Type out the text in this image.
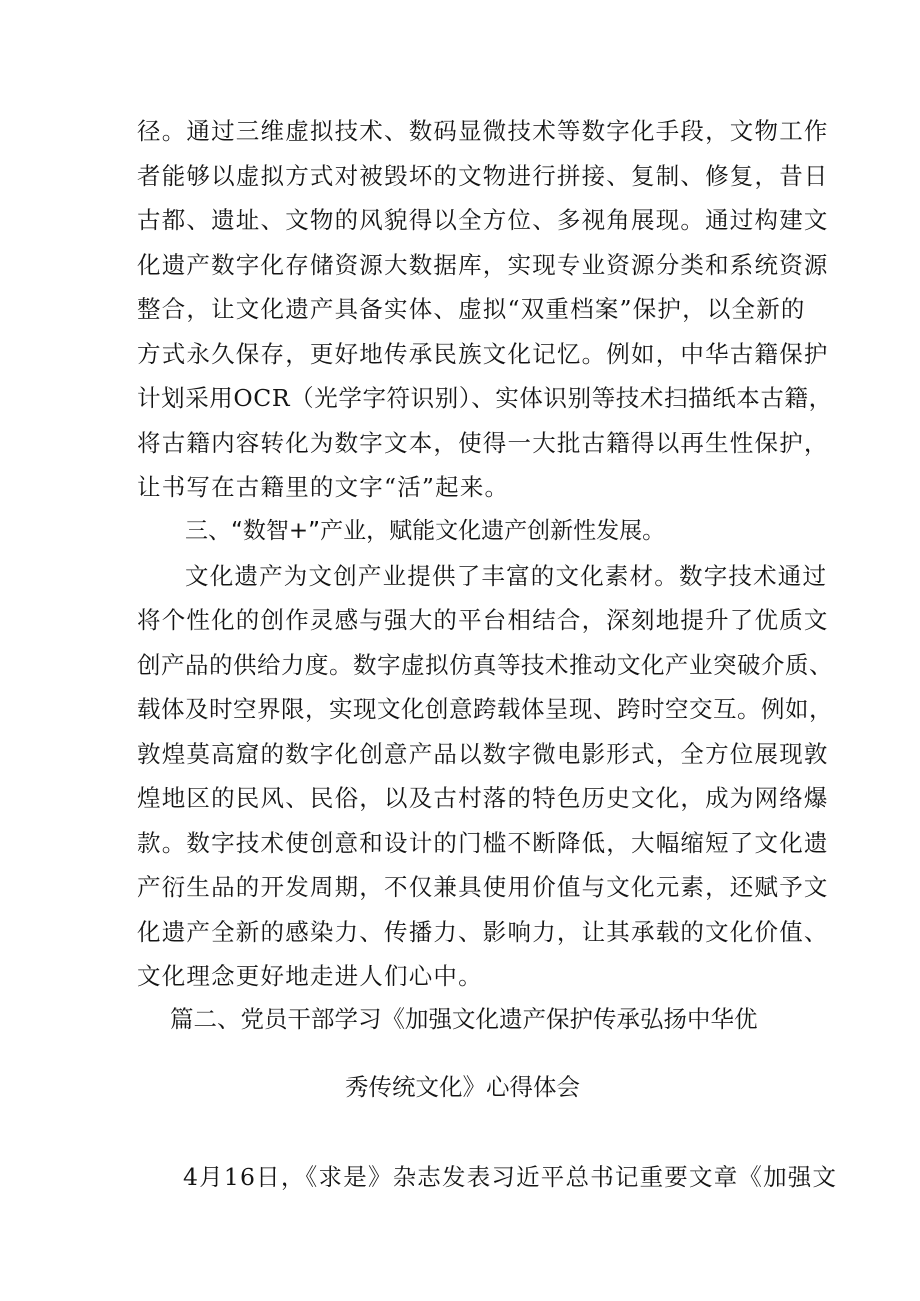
径。通过三维虚拟技术、数码显微技术等数字化手段，文物工作
者能够以虚拟方式对被毁坏的文物进行拼接、复制、修复，昔日
古都、遗址、文物的风貌得以全方位、多视角展现。通过构建文
化遗产数字化存储资源大数据库，实现专业资源分类和系统资源
整合，让文化遗产具备实体、虚拟“双重档案”保护，以全新的
方式永久保存，更好地传承民族文化记忆。例如，中华古籍保护
计划采用OCR（光学字符识别）、实体识别等技术扫描纸本古籍，
将古籍内容转化为数字文本，使得一大批古籍得以再生性保护，
让书写在古籍里的文字“活”起来。
三、“数智+”产业，赋能文化遗产创新性发展。
文化遗产为文创产业提供了丰富的文化素材。数字技术通过
将个性化的创作灵感与强大的平台相结合，深刻地提升了优质文
创产品的供给力度。数字虚拟仿真等技术推动文化产业突破介质、
载体及时空界限，实现文化创意跨载体呈现、跨时空交互。例如，
敦煌莫高窟的数字化创意产品以数字微电影形式，全方位展现敦
煌地区的民风、民俗，以及古村落的特色历史文化，成为网络爆
款。数字技术使创意和设计的门槛不断降低，大幅缩短了文化遗
产衍生品的开发周期，不仅兼具使用价值与文化元素，还赋予文
化遗产全新的感染力、传播力、影响力，让其承载的文化价值、
文化理念更好地走进人们心中。
篇二、党员干部学习《加强文化遗产保护传承弘扬中华优
秀传统文化》心得体会
4月16日，《求是》杂志发表习近平总书记重要文章《加强文
